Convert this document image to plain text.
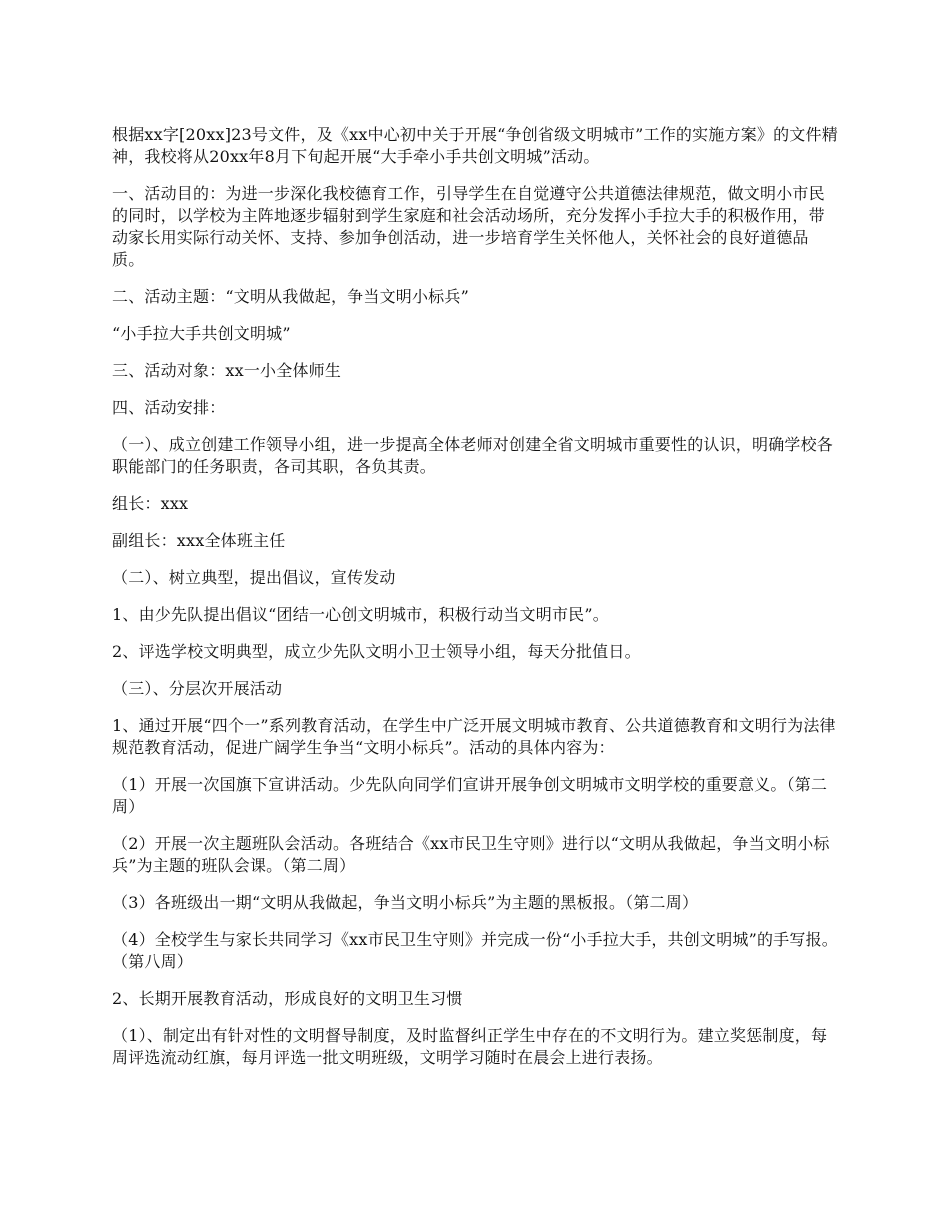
根据xx字[20xx]23号文件，及《xx中心初中关于开展“争创省级文明城市”工作的实施方案》的文件精神，我校将从20xx年8月下旬起开展“大手牵小手共创文明城”活动。

一、活动目的：为进一步深化我校德育工作，引导学生在自觉遵守公共道德法律规范，做文明小市民的同时，以学校为主阵地逐步辐射到学生家庭和社会活动场所，充分发挥小手拉大手的积极作用，带动家长用实际行动关怀、支持、参加争创活动，进一步培育学生关怀他人，关怀社会的良好道德品质。

二、活动主题：“文明从我做起，争当文明小标兵”

“小手拉大手共创文明城”

三、活动对象：xx一小全体师生

四、活动安排：

（一）、成立创建工作领导小组，进一步提高全体老师对创建全省文明城市重要性的认识，明确学校各职能部门的任务职责，各司其职，各负其责。

组长：xxx

副组长：xxx全体班主任

（二）、树立典型，提出倡议，宣传发动

1、由少先队提出倡议“团结一心创文明城市，积极行动当文明市民”。

2、评选学校文明典型，成立少先队文明小卫士领导小组，每天分批值日。

（三）、分层次开展活动

1、通过开展“四个一”系列教育活动，在学生中广泛开展文明城市教育、公共道德教育和文明行为法律规范教育活动，促进广阔学生争当“文明小标兵”。活动的具体内容为：

（1）开展一次国旗下宣讲活动。少先队向同学们宣讲开展争创文明城市文明学校的重要意义。（第二周）

（2）开展一次主题班队会活动。各班结合《xx市民卫生守则》进行以“文明从我做起，争当文明小标兵”为主题的班队会课。（第二周）

（3）各班级出一期“文明从我做起，争当文明小标兵”为主题的黑板报。（第二周）

（4）全校学生与家长共同学习《xx市民卫生守则》并完成一份“小手拉大手，共创文明城”的手写报。（第八周）

2、长期开展教育活动，形成良好的文明卫生习惯

（1）、制定出有针对性的文明督导制度，及时监督纠正学生中存在的不文明行为。建立奖惩制度，每周评选流动红旗，每月评选一批文明班级，文明学习随时在晨会上进行表扬。
